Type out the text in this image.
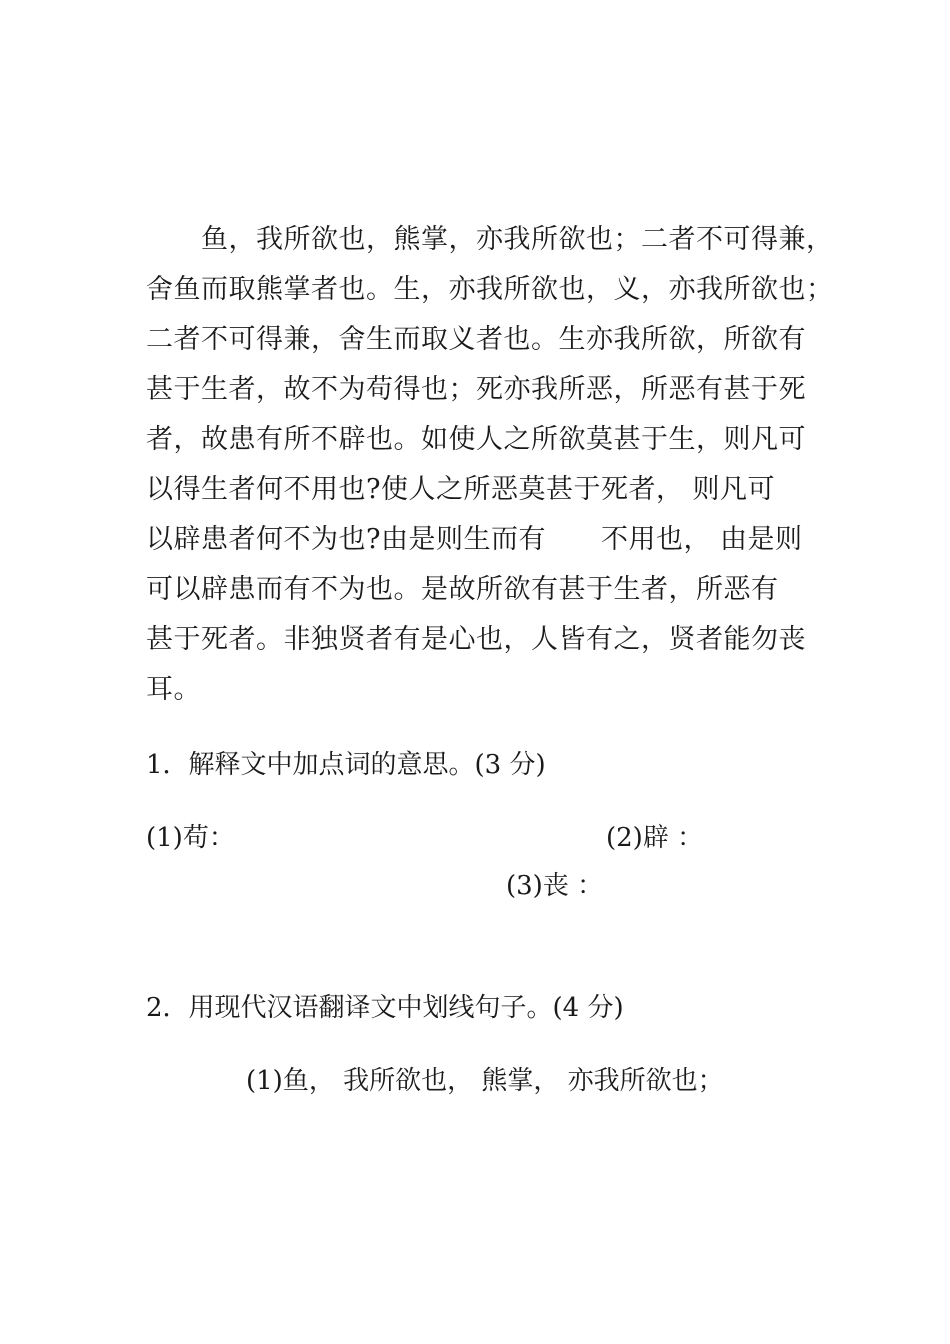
　　鱼，我所欲也，熊掌，亦我所欲也；二者不可得兼，
舍鱼而取熊掌者也。生，亦我所欲也，义，亦我所欲也；
二者不可得兼，舍生而取义者也。生亦我所欲，所欲有
甚于生者，故不为苟得也；死亦我所恶，所恶有甚于死
者，故患有所不辟也。如使人之所欲莫甚于生，则凡可
以得生者何不用也?使人之所恶莫甚于死者， 则凡可
以辟患者何不为也?由是则生而有　　不用也， 由是则
可以辟患而有不为也。是故所欲有甚于生者，所恶有
甚于死者。非独贤者有是心也，人皆有之，贤者能勿丧
耳。
1．解释文中加点词的意思。(3 分)
(1)苟：	(2)辟 ：
(3)丧 ：
2．用现代汉语翻译文中划线句子。(4 分)
(1)鱼， 我所欲也， 熊掌， 亦我所欲也；
